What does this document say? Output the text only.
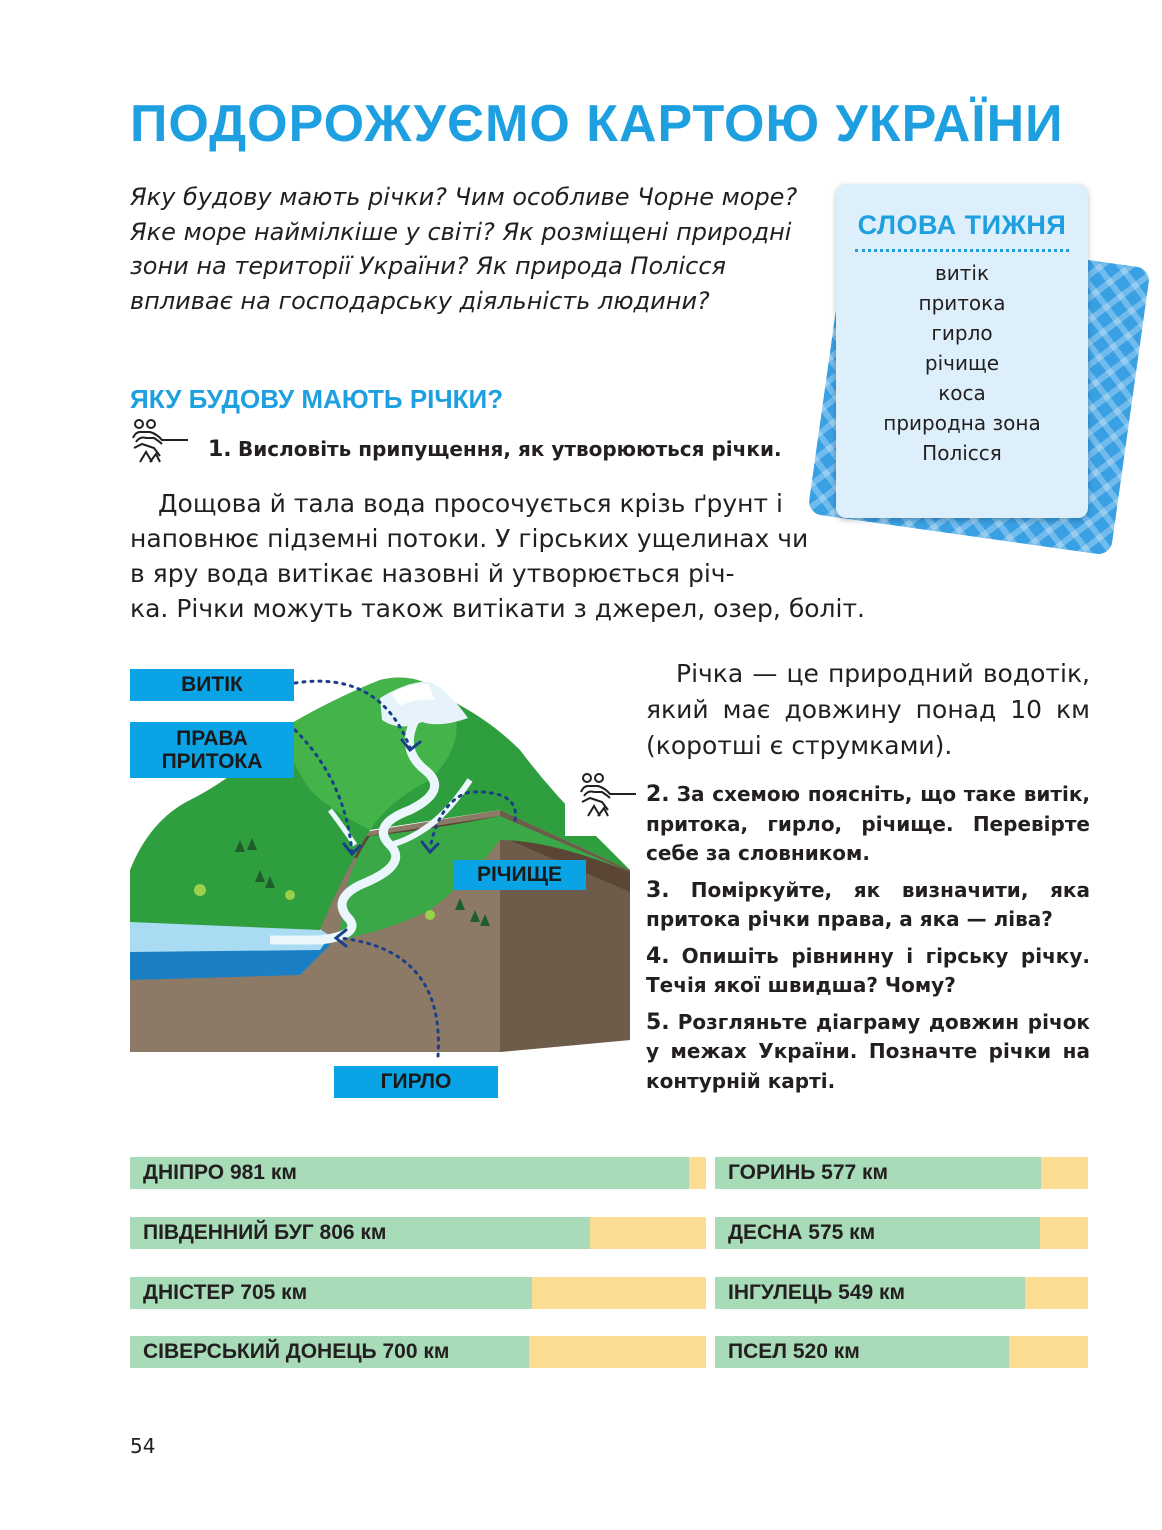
ПОДОРОЖУЄМО КАРТОЮ УКРАЇНИ
Яку будову мають річки? Чим особливе Чорне море? Яке море наймілкіше у світі? Як розміщені природні зони на території України? Як природа Полісся впливає на господарську діяльність людини?
СЛОВА ТИЖНЯ
витік
притока
гирло
річище
коса
природна зона
Полісся
ЯКУ БУДОВУ МАЮТЬ РІЧКИ?
1. Висловіть припущення, як утворюються річки.
Дощова й тала вода просочується крізь ґрунт і наповнює підземні потоки. У гірських ущелинах чи в яру вода витікає назовні й утворюється річ-
ка. Річки можуть також витікати з джерел, озер, боліт.
ВИТІК
ПРАВА
ПРИТОКА
РІЧИЩЕ
ГИРЛО
Річка — це природний водотік, який має довжину понад 10 км (коротші є струмками).
2. За схемою поясніть, що таке витік, притока, гирло, річище. Перевірте себе за словником.
3. Поміркуйте, як визначити, яка притока річки права, а яка — ліва?
4. Опишіть рівнинну і гірську річку. Течія якої швидша? Чому?
5. Розгляньте діаграму довжин річок у межах України. Позначте річки на контурній карті.
ДНІПРО 981 км
ПІВДЕННИЙ БУГ 806 км
ДНІСТЕР 705 км
СІВЕРСЬКИЙ ДОНЕЦЬ 700 км
ГОРИНЬ 577 км
ДЕСНА 575 км
ІНГУЛЕЦЬ 549 км
ПСЕЛ 520 км
54
